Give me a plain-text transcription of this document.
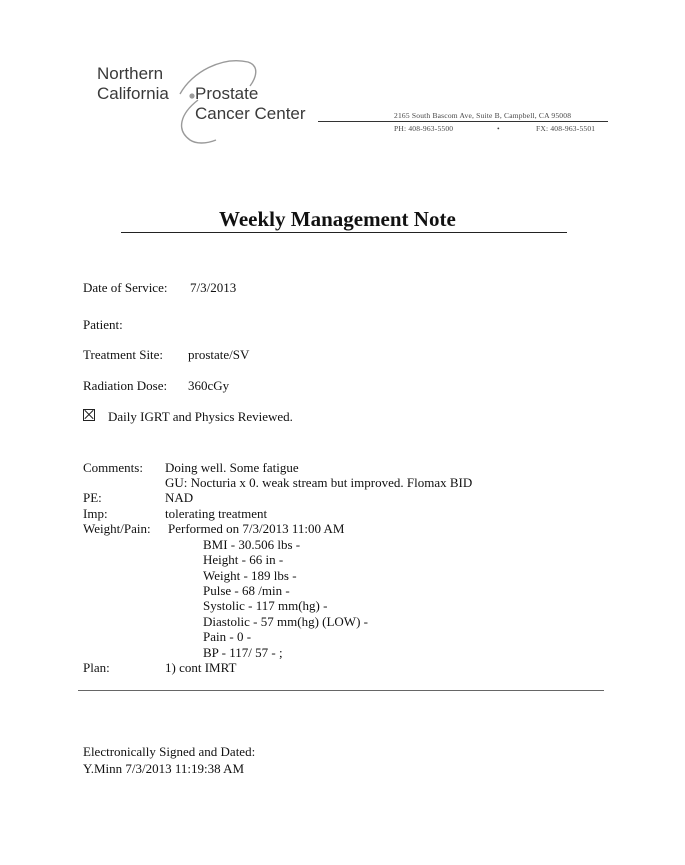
Northern
California Prostate
Cancer Center	2165 South Bascom Ave, Suite B, Campbell, CA 95008
PH: 408-963-5500	•	FX: 408-963-5501
Weekly Management Note
Date of Service: 7/3/2013
Patient:
Treatment Site: prostate/SV
Radiation Dose: 360cGy
Daily IGRT and Physics Reviewed.
Comments: Doing well. Some fatigue
GU: Nocturia x 0. weak stream but improved. Flomax BID
PE:	NAD
Imp:	tolerating treatment
Weight/Pain: Performed on 7/3/2013 11:00 AM
BMI - 30.506 lbs -
Height - 66 in -
Weight - 189 lbs -
Pulse - 68 /min -
Systolic - 117 mm(hg) -
Diastolic - 57 mm(hg) (LOW) -
Pain - 0 -
BP - 117/ 57 - ;
Plan:	1) cont IMRT
Electronically Signed and Dated:
Y.Minn 7/3/2013 11:19:38 AM
